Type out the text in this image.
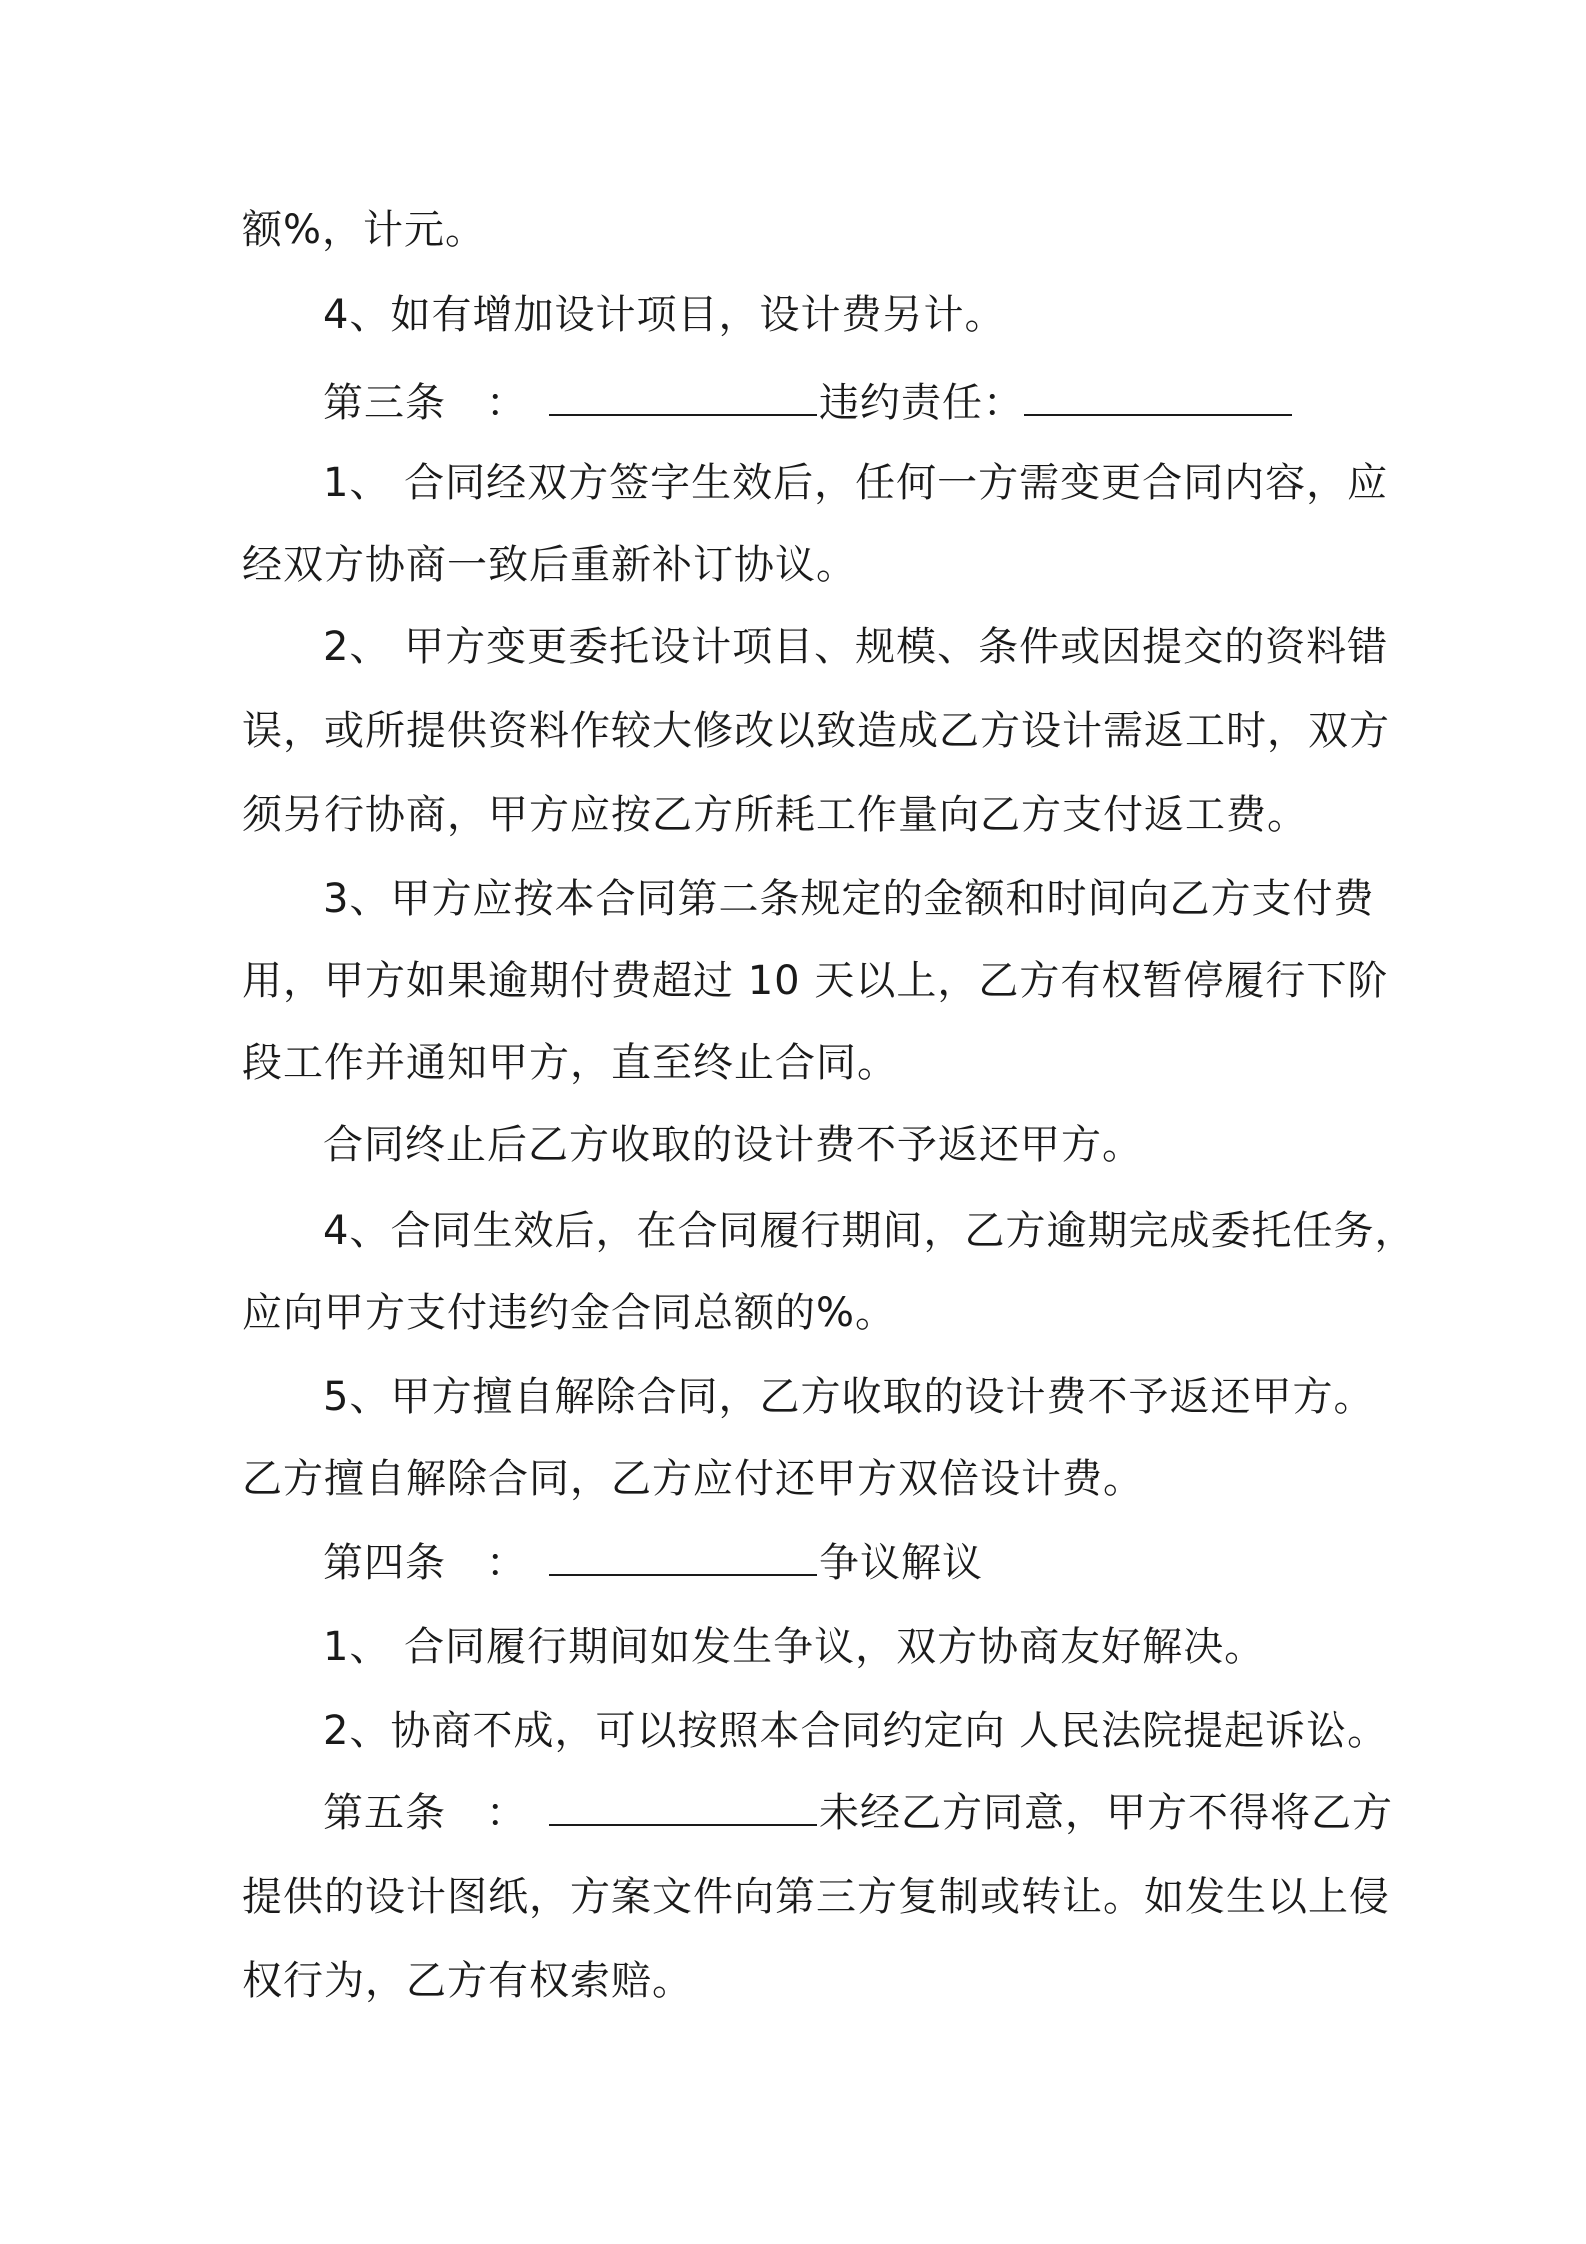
额%，计元。
4、如有增加设计项目，设计费另计。
第三条 ：	违约责任：
1、 合同经双方签字生效后，任何一方需变更合同内容，应
经双方协商一致后重新补订协议。
2、 甲方变更委托设计项目、规模、条件或因提交的资料错
误，或所提供资料作较大修改以致造成乙方设计需返工时，双方
须另行协商，甲方应按乙方所耗工作量向乙方支付返工费。
3、甲方应按本合同第二条规定的金额和时间向乙方支付费
用，甲方如果逾期付费超过 10 天以上，乙方有权暂停履行下阶
段工作并通知甲方，直至终止合同。
合同终止后乙方收取的设计费不予返还甲方。
4、合同生效后，在合同履行期间，乙方逾期完成委托任务，
应向甲方支付违约金合同总额的%。
5、甲方擅自解除合同，乙方收取的设计费不予返还甲方。
乙方擅自解除合同，乙方应付还甲方双倍设计费。
第四条 ：	争议解议
1、 合同履行期间如发生争议，双方协商友好解决。
2、协商不成，可以按照本合同约定向 人民法院提起诉讼。
第五条 ：	未经乙方同意，甲方不得将乙方
提供的设计图纸，方案文件向第三方复制或转让。如发生以上侵
权行为，乙方有权索赔。
